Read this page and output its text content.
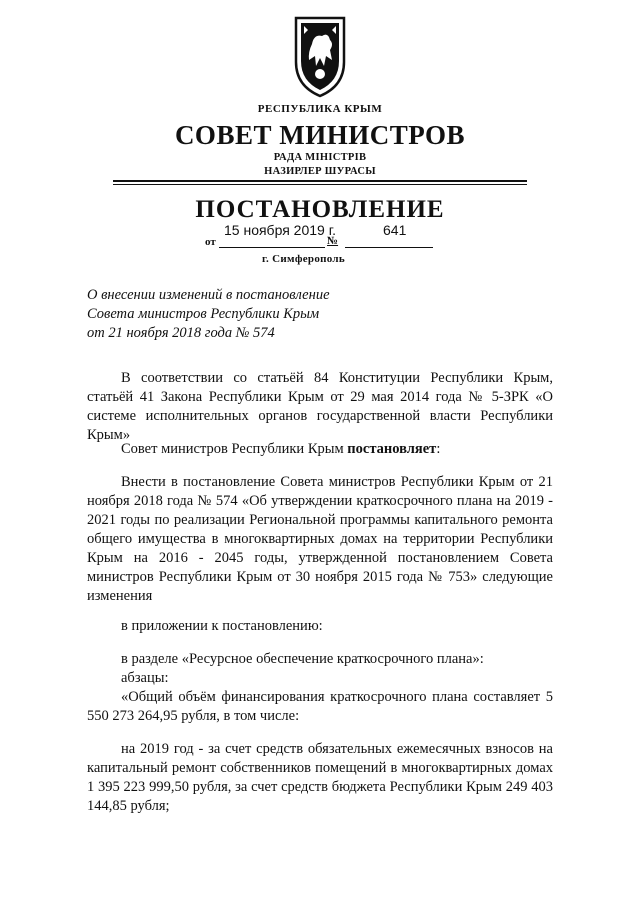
РЕСПУБЛИКА КРЫМ
СОВЕТ МИНИСТРОВ
РАДА МІНІСТРІВ
НАЗИРЛЕР ШУРАСЫ
ПОСТАНОВЛЕНИЕ
15 ноября 2019 г.	641
от	№
г. Симферополь
О внесении изменений в постановление
Совета министров Республики Крым
от 21 ноября 2018 года № 574

В соответствии со статьёй 84 Конституции Республики Крым, статьёй 41 Закона Республики Крым от 29 мая 2014 года № 5-ЗРК «О системе исполнительных органов государственной власти Республики Крым»

Совет министров Республики Крым постановляет:

Внести в постановление Совета министров Республики Крым от 21 ноября 2018 года № 574 «Об утверждении краткосрочного плана на 2019 - 2021 годы по реализации Региональной программы капитального ремонта общего имущества в многоквартирных домах на территории Республики Крым на 2016 - 2045 годы, утвержденной постановлением Совета министров Республики Крым от 30 ноября 2015 года № 753» следующие изменения

в приложении к постановлению:

в разделе «Ресурсное обеспечение краткосрочного плана»:

абзацы:

«Общий объём финансирования краткосрочного плана составляет 5 550 273 264,95 рубля, в том числе:

на 2019 год - за счет средств обязательных ежемесячных взносов на капитальный ремонт собственников помещений в многоквартирных домах 1 395 223 999,50 рубля, за счет средств бюджета Республики Крым 249 403 144,85 рубля;
